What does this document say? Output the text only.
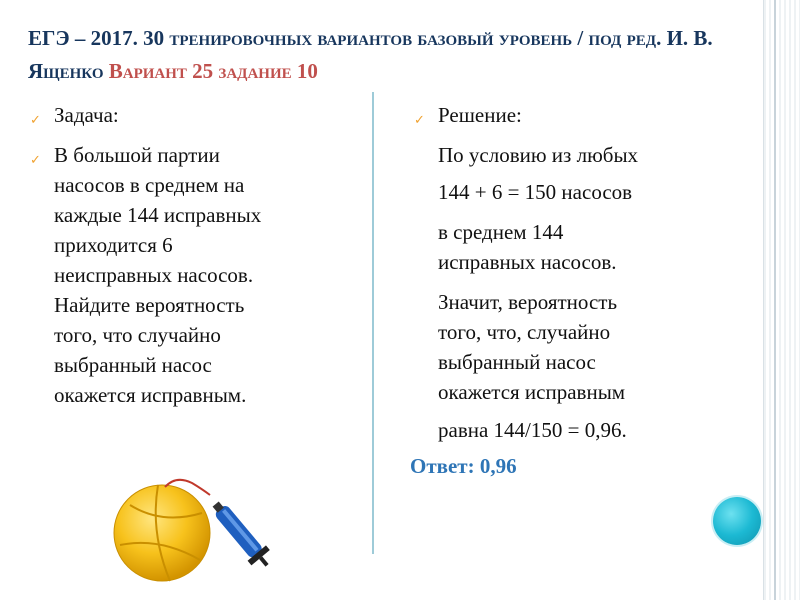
ЕГЭ – 2017. 30 тренировочных вариантов базовый уровень / под ред. И. В. Ященко Вариант 25 задание 10
✓ Задача:
✓ В большой партии
насосов в среднем на
каждые 144 исправных
приходится 6
неисправных насосов.
Найдите вероятность
того, что случайно
выбранный насос
окажется исправным.
✓ Решение:
По условию из любых
144 + 6 = 150 насосов
в среднем 144
исправных насосов.
Значит, вероятность
того, что, случайно
выбранный насос
окажется исправным
равна 144/150 = 0,96.
Ответ: 0,96
